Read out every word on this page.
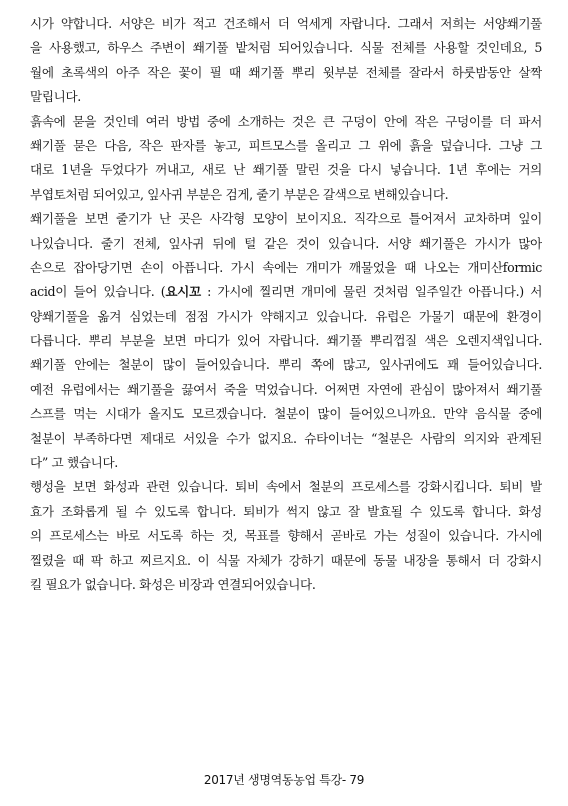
시가 약합니다. 서양은 비가 적고 건조해서 더 억세게 자랍니다. 그래서 저희는 서양쐐기풀
을 사용했고, 하우스 주변이 쐐기풀 밭처럼 되어있습니다. 식물 전체를 사용할 것인데요, 5
월에 초록색의 아주 작은 꽃이 필 때 쐐기풀 뿌리 윗부분 전체를 잘라서 하룻밤동안 살짝
말립니다.
흙속에 묻을 것인데 여러 방법 중에 소개하는 것은 큰 구덩이 안에 작은 구덩이를 더 파서
쐐기풀 묻은 다음, 작은 판자를 놓고, 피트모스를 올리고 그 위에 흙을 덮습니다. 그냥 그
대로 1년을 두었다가 꺼내고, 새로 난 쐐기풀 말린 것을 다시 넣습니다. 1년 후에는 거의
부엽토처럼 되어있고, 잎사귀 부분은 검게, 줄기 부분은 갈색으로 변해있습니다.
쐐기풀을 보면 줄기가 난 곳은 사각형 모양이 보이지요. 직각으로 틀어져서 교차하며 잎이
나있습니다. 줄기 전체, 잎사귀 뒤에 털 같은 것이 있습니다. 서양 쐐기풀은 가시가 많아
손으로 잡아당기면 손이 아픕니다. 가시 속에는 개미가 깨물었을 때 나오는 개미산formic
acid이 들어 있습니다. (요시꼬 : 가시에 찔리면 개미에 물린 것처럼 일주일간 아픕니다.) 서
양쐐기풀을 옮겨 심었는데 점점 가시가 약해지고 있습니다. 유럽은 가물기 때문에 환경이
다릅니다. 뿌리 부분을 보면 마디가 있어 자랍니다. 쐐기풀 뿌리껍질 색은 오렌지색입니다.
쐐기풀 안에는 철분이 많이 들어있습니다. 뿌리 쪽에 많고, 잎사귀에도 꽤 들어있습니다.
예전 유럽에서는 쐐기풀을 끓여서 죽을 먹었습니다. 어쩌면 자연에 관심이 많아져서 쐐기풀
스프를 먹는 시대가 올지도 모르겠습니다. 철분이 많이 들어있으니까요. 만약 음식물 중에
철분이 부족하다면 제대로 서있을 수가 없지요. 슈타이너는 “철분은 사람의 의지와 관계된
다” 고 했습니다.
행성을 보면 화성과 관련 있습니다. 퇴비 속에서 철분의 프로세스를 강화시킵니다. 퇴비 발
효가 조화롭게 될 수 있도록 합니다. 퇴비가 썩지 않고 잘 발효될 수 있도록 합니다. 화성
의 프로세스는 바로 서도록 하는 것, 목표를 향해서 곧바로 가는 성질이 있습니다. 가시에
찔렸을 때 팍 하고 찌르지요. 이 식물 자체가 강하기 때문에 동물 내장을 통해서 더 강화시
킬 필요가 없습니다. 화성은 비장과 연결되어있습니다.
2017년 생명역동농업 특강- 79
